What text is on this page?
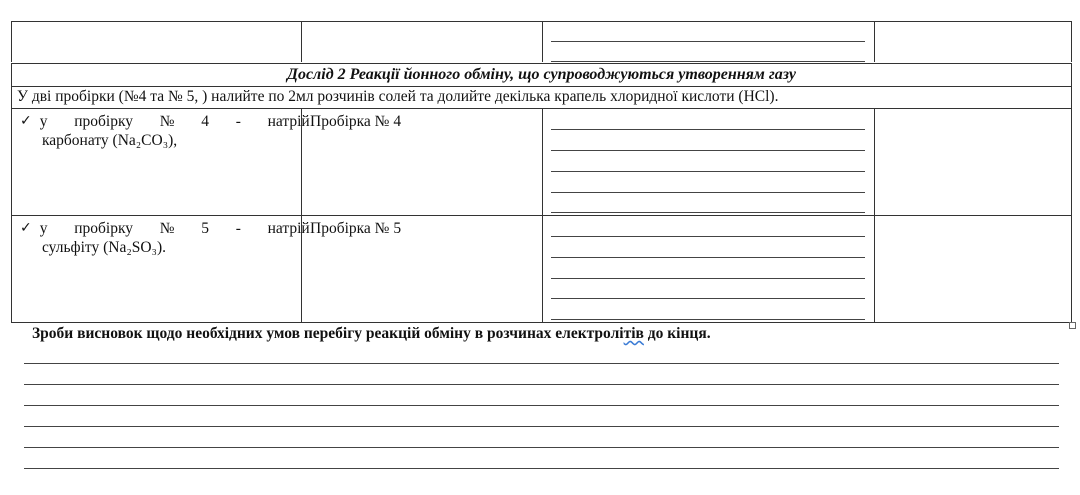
Дослід 2 Реакції йонного обміну, що супроводжуються утворенням газу
У дві пробірки (№4 та № 5, ) налийте по 2мл розчинів солей та долийте декілька крапель хлоридної кислоти (HCl).
✓ у пробірку № 4 - натрій
карбонату (Na₂CO₃),
Пробірка № 4
✓ у пробірку № 5 - натрій
сульфіту (Na₂SO₃).
Пробірка № 5
Зроби висновок щодо необхідних умов перебігу реакцій обміну в розчинах електролітів до кінця.
